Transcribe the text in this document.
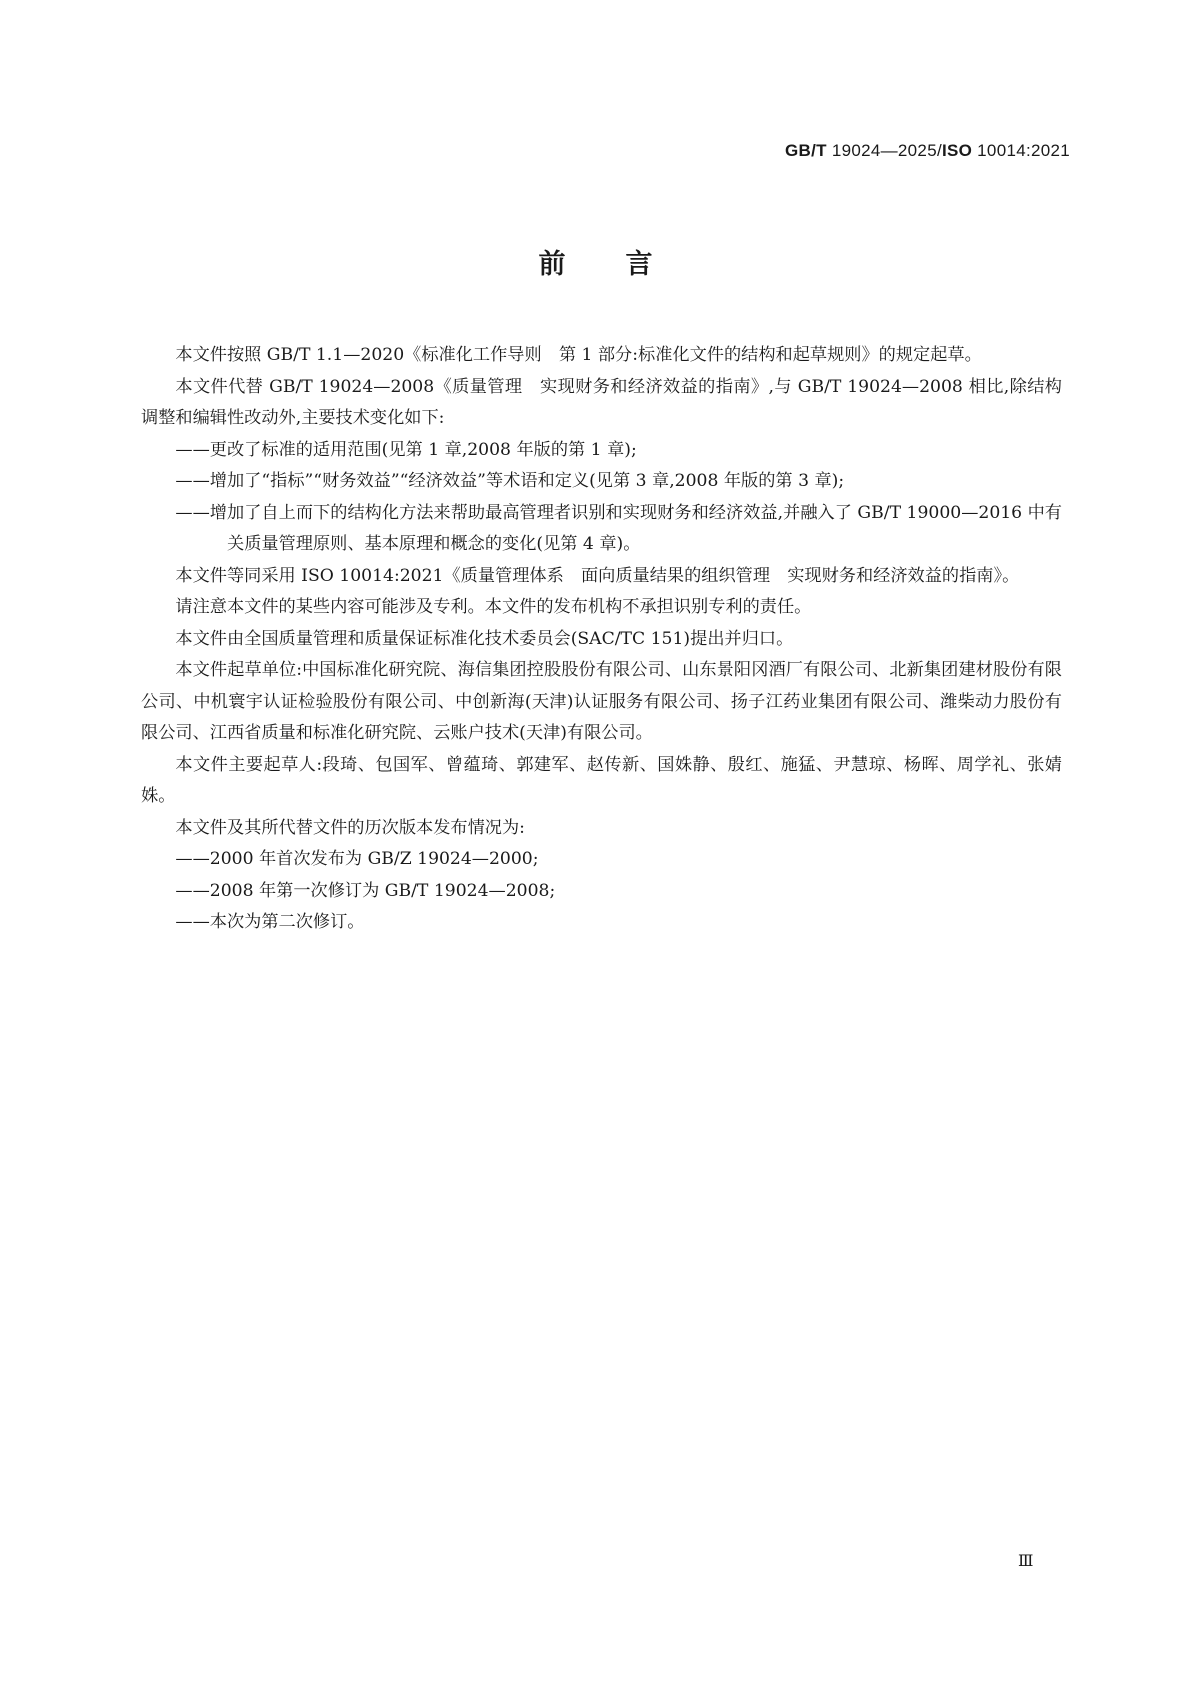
GB/T 19024—2025/ISO 10014:2021
前言

本文件按照 GB/T 1.1—2020《标准化工作导则　第 1 部分:标准化文件的结构和起草规则》的规定起草。

本文件代替 GB/T 19024—2008《质量管理　实现财务和经济效益的指南》,与 GB/T 19024—2008 相比,除结构调整和编辑性改动外,主要技术变化如下:

——更改了标准的适用范围(见第 1 章,2008 年版的第 1 章);

——增加了“指标”“财务效益”“经济效益”等术语和定义(见第 3 章,2008 年版的第 3 章);

——增加了自上而下的结构化方法来帮助最高管理者识别和实现财务和经济效益,并融入了 GB/T 19000—2016 中有关质量管理原则、基本原理和概念的变化(见第 4 章)。

本文件等同采用 ISO 10014:2021《质量管理体系　面向质量结果的组织管理　实现财务和经济效益的指南》。

请注意本文件的某些内容可能涉及专利。本文件的发布机构不承担识别专利的责任。

本文件由全国质量管理和质量保证标准化技术委员会(SAC/TC 151)提出并归口。

本文件起草单位:中国标准化研究院、海信集团控股股份有限公司、山东景阳冈酒厂有限公司、北新集团建材股份有限公司、中机寰宇认证检验股份有限公司、中创新海(天津)认证服务有限公司、扬子江药业集团有限公司、潍柴动力股份有限公司、江西省质量和标准化研究院、云账户技术(天津)有限公司。

本文件主要起草人:段琦、包国军、曾蕴琦、郭建军、赵传新、国姝静、殷红、施猛、尹慧琼、杨晖、周学礼、张婧姝。

本文件及其所代替文件的历次版本发布情况为:

——2000 年首次发布为 GB/Z 19024—2000;

——2008 年第一次修订为 GB/T 19024—2008;

——本次为第二次修订。

Ⅲ
